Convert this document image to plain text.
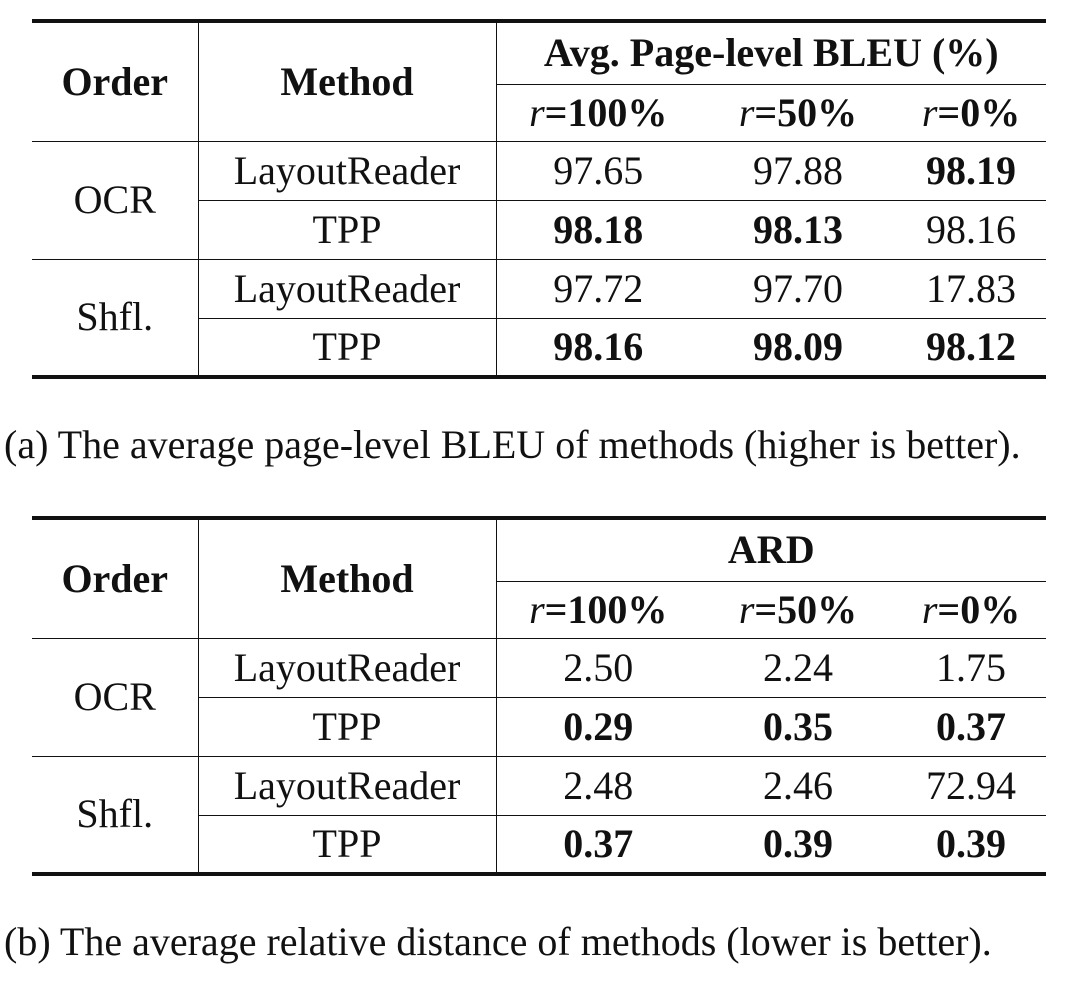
Order	Method	Avg. Page-level BLEU (%)		
		r=100%	r=50%	r=0%
OCR	LayoutReader	97.65	97.88	98.19
	TPP	98.18	98.13	98.16
Shfl.	LayoutReader	97.72	97.70	17.83
	TPP	98.16	98.09	98.12
(a) The average page-level BLEU of methods (higher is better).
Order	Method	ARD		
		r=100%	r=50%	r=0%
OCR	LayoutReader	2.50	2.24	1.75
	TPP	0.29	0.35	0.37
Shfl.	LayoutReader	2.48	2.46	72.94
	TPP	0.37	0.39	0.39
(b) The average relative distance of methods (lower is better).
